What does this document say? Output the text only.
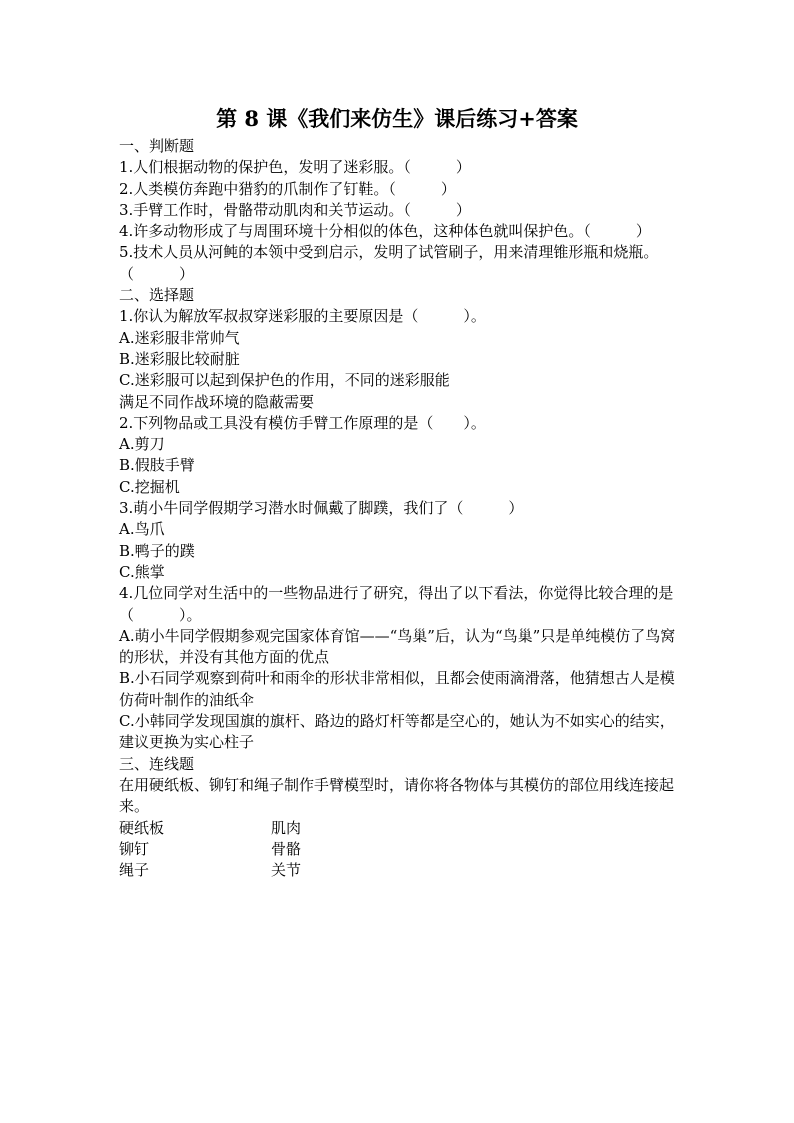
第 8 课《我们来仿生》课后练习+答案
一、判断题
1.人们根据动物的保护色，发明了迷彩服。（　　　）
2.人类模仿奔跑中猎豹的爪制作了钉鞋。（　　　）
3.手臂工作时，骨骼带动肌肉和关节运动。（　　　）
4.许多动物形成了与周围环境十分相似的体色，这种体色就叫保护色。（　　　）
5.技术人员从河鲀的本领中受到启示，发明了试管刷子，用来清理锥形瓶和烧瓶。（　　　）
二、选择题
1.你认为解放军叔叔穿迷彩服的主要原因是（　　　）。
A.迷彩服非常帅气
B.迷彩服比较耐脏
C.迷彩服可以起到保护色的作用，不同的迷彩服能
满足不同作战环境的隐蔽需要
2.下列物品或工具没有模仿手臂工作原理的是（　　）。
A.剪刀
B.假肢手臂
C.挖掘机
3.萌小牛同学假期学习潜水时佩戴了脚蹼，我们了（　　　）
A.鸟爪
B.鸭子的蹼
C.熊掌
4.几位同学对生活中的一些物品进行了研究，得出了以下看法，你觉得比较合理的是（　　　）。
A.萌小牛同学假期参观完国家体育馆——“鸟巢”后，认为“鸟巢”只是单纯模仿了鸟窝的形状，并没有其他方面的优点
B.小石同学观察到荷叶和雨伞的形状非常相似，且都会使雨滴滑落，他猜想古人是模仿荷叶制作的油纸伞
C.小韩同学发现国旗的旗杆、路边的路灯杆等都是空心的，她认为不如实心的结实，建议更换为实心柱子
三、连线题
在用硬纸板、铆钉和绳子制作手臂模型时，请你将各物体与其模仿的部位用线连接起来。
硬纸板	肌肉
铆钉	骨骼
绳子	关节
